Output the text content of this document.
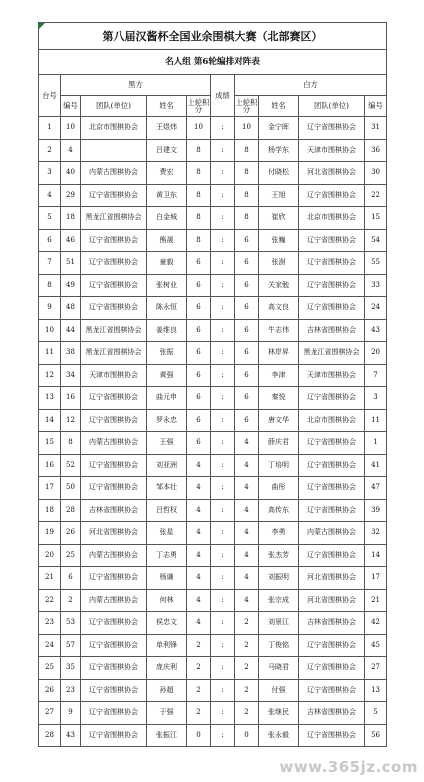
第八届汉酱杯全国业余围棋大赛（北部赛区）									
名人组 第6轮编排对阵表									
台号	黑方				成绩	白方			
	编号	团队(单位)	姓名	上轮积分		上轮积分	姓名	团队(单位)	编号
1	10	北京市围棋协会	王煜炜	10	:	10	金宁晖	辽宁省围棋协会	31
2	4		吕建文	8	:	8	杨学东	天津市围棋协会	36
3	40	内蒙古围棋协会	费宏	8	:	8	付晓松	河北省围棋协会	30
4	29	辽宁省围棋协会	黄卫东	8	:	8	王旭	辽宁省围棋协会	22
5	18	黑龙江省围棋协会	白金城	8	:	8	崔欣	北京市围棋协会	15
6	46	辽宁省围棋协会	熊晟	8	:	6	张巍	辽宁省围棋协会	54
7	51	辽宁省围棋协会	童毅	6	:	6	张澍	辽宁省围棋协会	55
8	49	辽宁省围棋协会	张树业	6	:	6	关家勉	辽宁省围棋协会	33
9	48	辽宁省围棋协会	陈永恒	6	:	6	高文良	辽宁省围棋协会	24
10	44	黑龙江省围棋协会	姜维良	6	:	6	牛志伟	吉林省围棋协会	43
11	38	黑龙江省围棋协会	张振	6	:	6	林岸昇	黑龙江省围棋协会	20
12	34	天津市围棋协会	黄强	6	:	6	李津	天津市围棋协会	7
13	16	辽宁省围棋协会	曲元申	6	:	6	秦悦	辽宁省围棋协会	3
14	12	辽宁省围棋协会	罗永忠	6	:	6	唐文华	北京市围棋协会	11
15	8	内蒙古围棋协会	王强	6	:	4	薛庆君	辽宁省围棋协会	1
16	52	辽宁省围棋协会	刘亚洲	4	:	4	丁培明	辽宁省围棋协会	41
17	50	辽宁省围棋协会	邹本壮	4	:	4	曲彤	辽宁省围棋协会	47
18	28	吉林省围棋协会	吕哲权	4	:	4	高传东	辽宁省围棋协会	39
19	26	河北省围棋协会	张星	4	:	4	李勇	内蒙古围棋协会	32
20	25	内蒙古围棋协会	丁志勇	4	:	4	张杰芳	辽宁省围棋协会	14
21	6	辽宁省围棋协会	杨谦	4	:	4	刘振明	河北省围棋协会	17
22	2	内蒙古围棋协会	何林	4	:	4	张宗成	河北省围棋协会	21
23	53	辽宁省围棋协会	侯忠文	4	:	2	刘景江	吉林省围棋协会	42
24	57	辽宁省围棋协会	单利锋	2	:	2	丁俊铭	辽宁省围棋协会	45
25	35	辽宁省围棋协会	庞庆利	2	:	2	马晓君	辽宁省围棋协会	27
26	23	辽宁省围棋协会	孙超	2	:	2	付强	辽宁省围棋协会	13
27	9	辽宁省围棋协会	于强	2	:	2	张继民	吉林省围棋协会	5
28	43	辽宁省围棋协会	张振江	0	:	0	张永毅	辽宁省围棋协会	56
www.365jz.com
